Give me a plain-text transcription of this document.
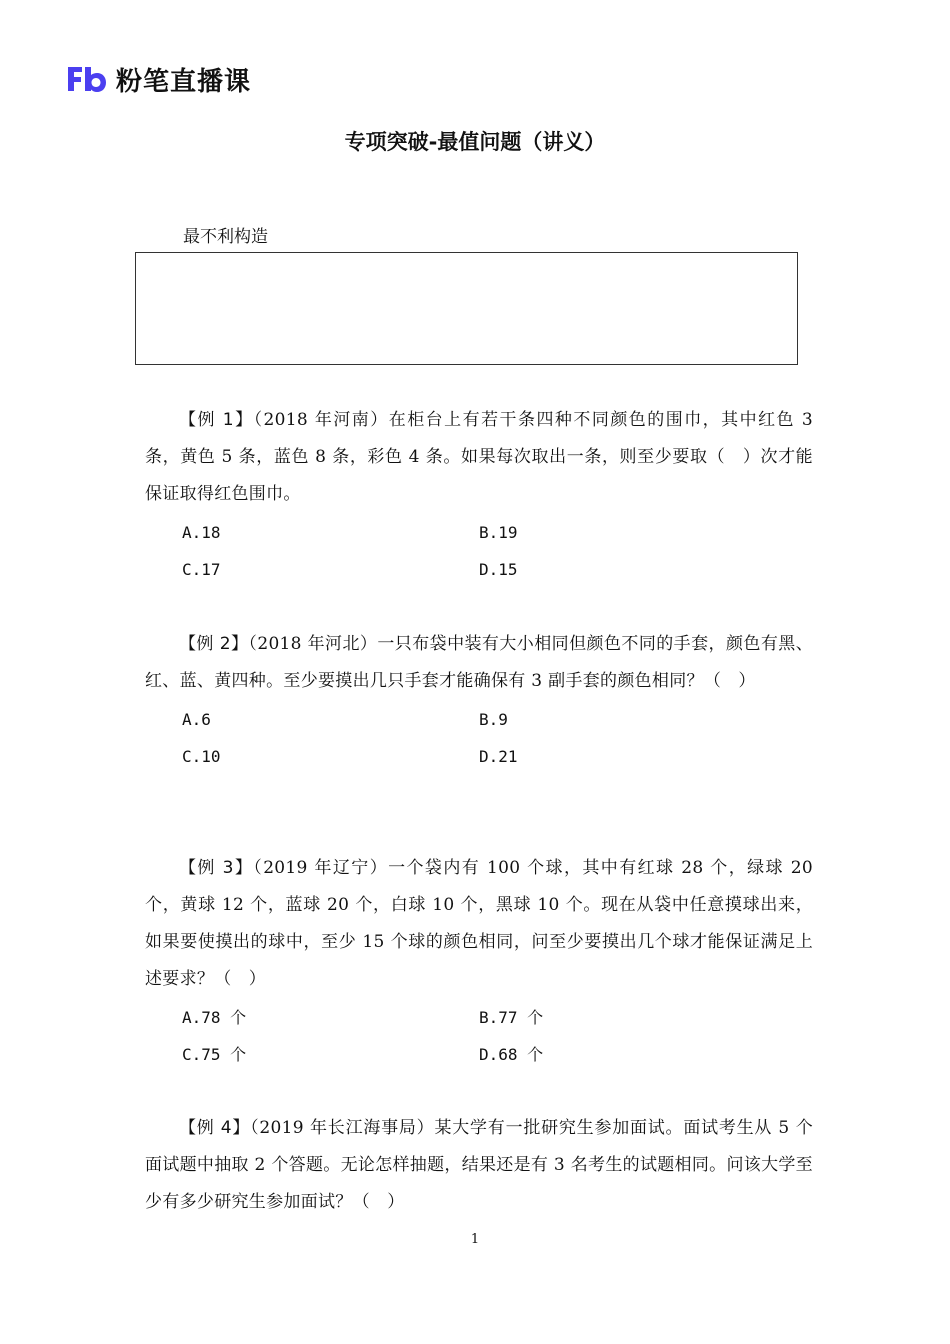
粉笔直播课
专项突破-最值问题（讲义）
最不利构造

【例 1】（2018 年河南）在柜台上有若干条四种不同颜色的围巾，其中红色 3 条，黄色 5 条，蓝色 8 条，彩色 4 条。如果每次取出一条，则至少要取（　）次才能保证取得红色围巾。

A.18	B.19
C.17	D.15

【例 2】（2018 年河北）一只布袋中装有大小相同但颜色不同的手套，颜色有黑、红、蓝、黄四种。至少要摸出几只手套才能确保有 3 副手套的颜色相同？（　）

A.6	B.9
C.10	D.21

【例 3】（2019 年辽宁）一个袋内有 100 个球，其中有红球 28 个，绿球 20 个，黄球 12 个，蓝球 20 个，白球 10 个，黑球 10 个。现在从袋中任意摸球出来，如果要使摸出的球中，至少 15 个球的颜色相同，问至少要摸出几个球才能保证满足上述要求？（　）

A.78 个	B.77 个
C.75 个	D.68 个

【例 4】（2019 年长江海事局）某大学有一批研究生参加面试。面试考生从 5 个面试题中抽取 2 个答题。无论怎样抽题，结果还是有 3 名考生的试题相同。问该大学至少有多少研究生参加面试？（　）

1
